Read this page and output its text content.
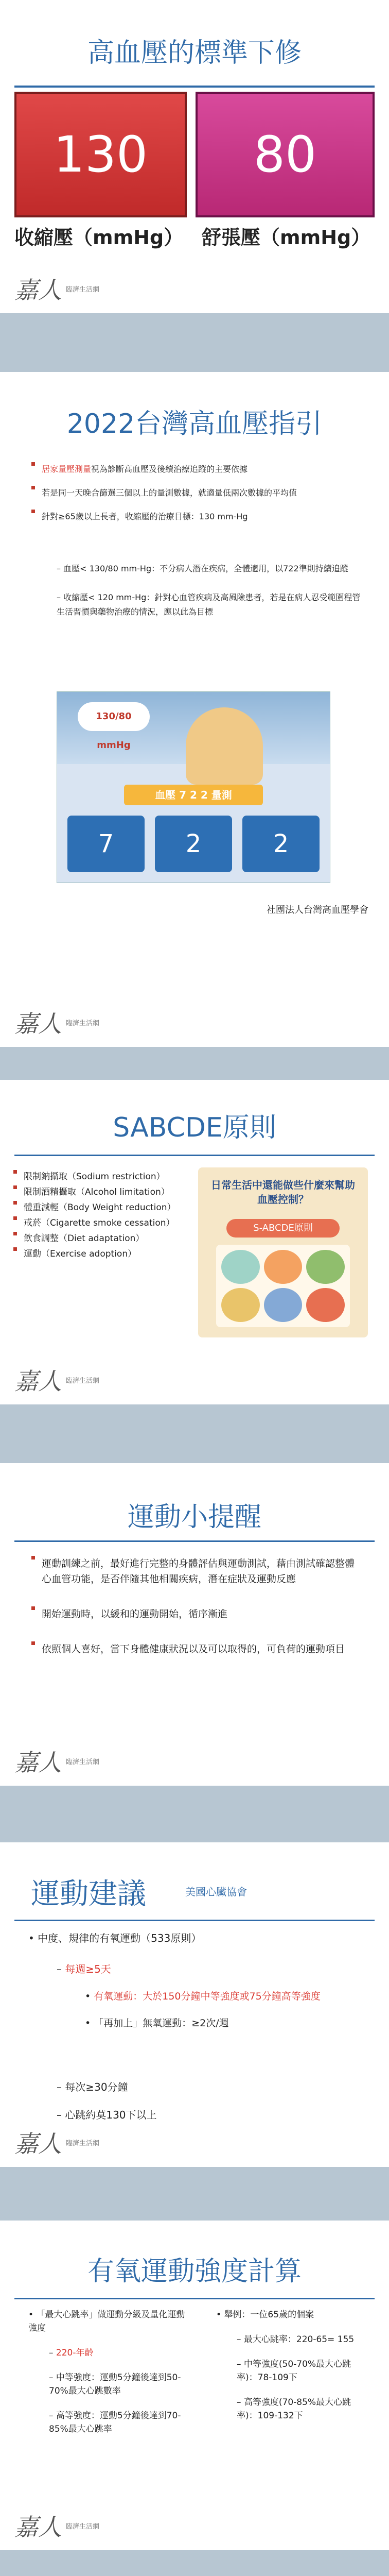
高血壓的標準下修
130 80
收縮壓（mmHg） 舒張壓（mmHg）
嘉人 臨濟生活網
2022台灣高血壓指引
居家量壓測量視為診斷高血壓及後續治療追蹤的主要依據
若是同一天晚合篩選三個以上的量測數據，就適量低兩次數據的平均值
針對≥65歲以上長者，收縮壓的治療目標：130 mm-Hg
– 血壓< 130/80 mm-Hg：不分病人潛在疾病，全體適用，以722準則持續追蹤
– 收縮壓< 120 mm-Hg：針對心血管疾病及高風險患者，若是在病人忍受範圍程管生活習慣與藥物治療的情況，應以此為目標
130/80 mmHg
血壓 7 2 2 量測
7	2	2
社團法人台灣高血壓學會
嘉人 臨濟生活網
SABCDE原則
限制鈉攝取（Sodium restriction）
限制酒精攝取（Alcohol limitation）
體重減輕（Body Weight reduction）
戒菸（Cigarette smoke cessation）
飲食調整（Diet adaptation）
運動（Exercise adoption）
日常生活中還能做些什麼來幫助血壓控制？
S-ABCDE原則
嘉人 臨濟生活網
運動小提醒
運動訓練之前，最好進行完整的身體評估與運動測試，藉由測試確認整體心血管功能，是否伴隨其他相關疾病，潛在症狀及運動反應
開始運動時，以緩和的運動開始，循序漸進
依照個人喜好，當下身體健康狀況以及可以取得的，可負荷的運動項目
嘉人 臨濟生活網
運動建議	美國心臟協會
• 中度、規律的有氧運動（533原則）
– 每週≥5天
• 有氧運動：大於150分鐘中等強度或75分鐘高等強度
• 「再加上」無氧運動：≥2次/週
– 每次≥30分鐘
– 心跳約莫130下以上
嘉人 臨濟生活網
有氧運動強度計算
• 「最大心跳率」做運動分級及量化運動強度
– 220-年齡
– 中等強度：運動5分鐘後達到50-70%最大心跳數率
– 高等強度：運動5分鐘後達到70-85%最大心跳率
• 舉例：一位65歲的個案
– 最大心跳率：220-65= 155
– 中等強度(50-70%最大心跳率)：78-109下
– 高等強度(70-85%最大心跳率)：109-132下
嘉人 臨濟生活網
